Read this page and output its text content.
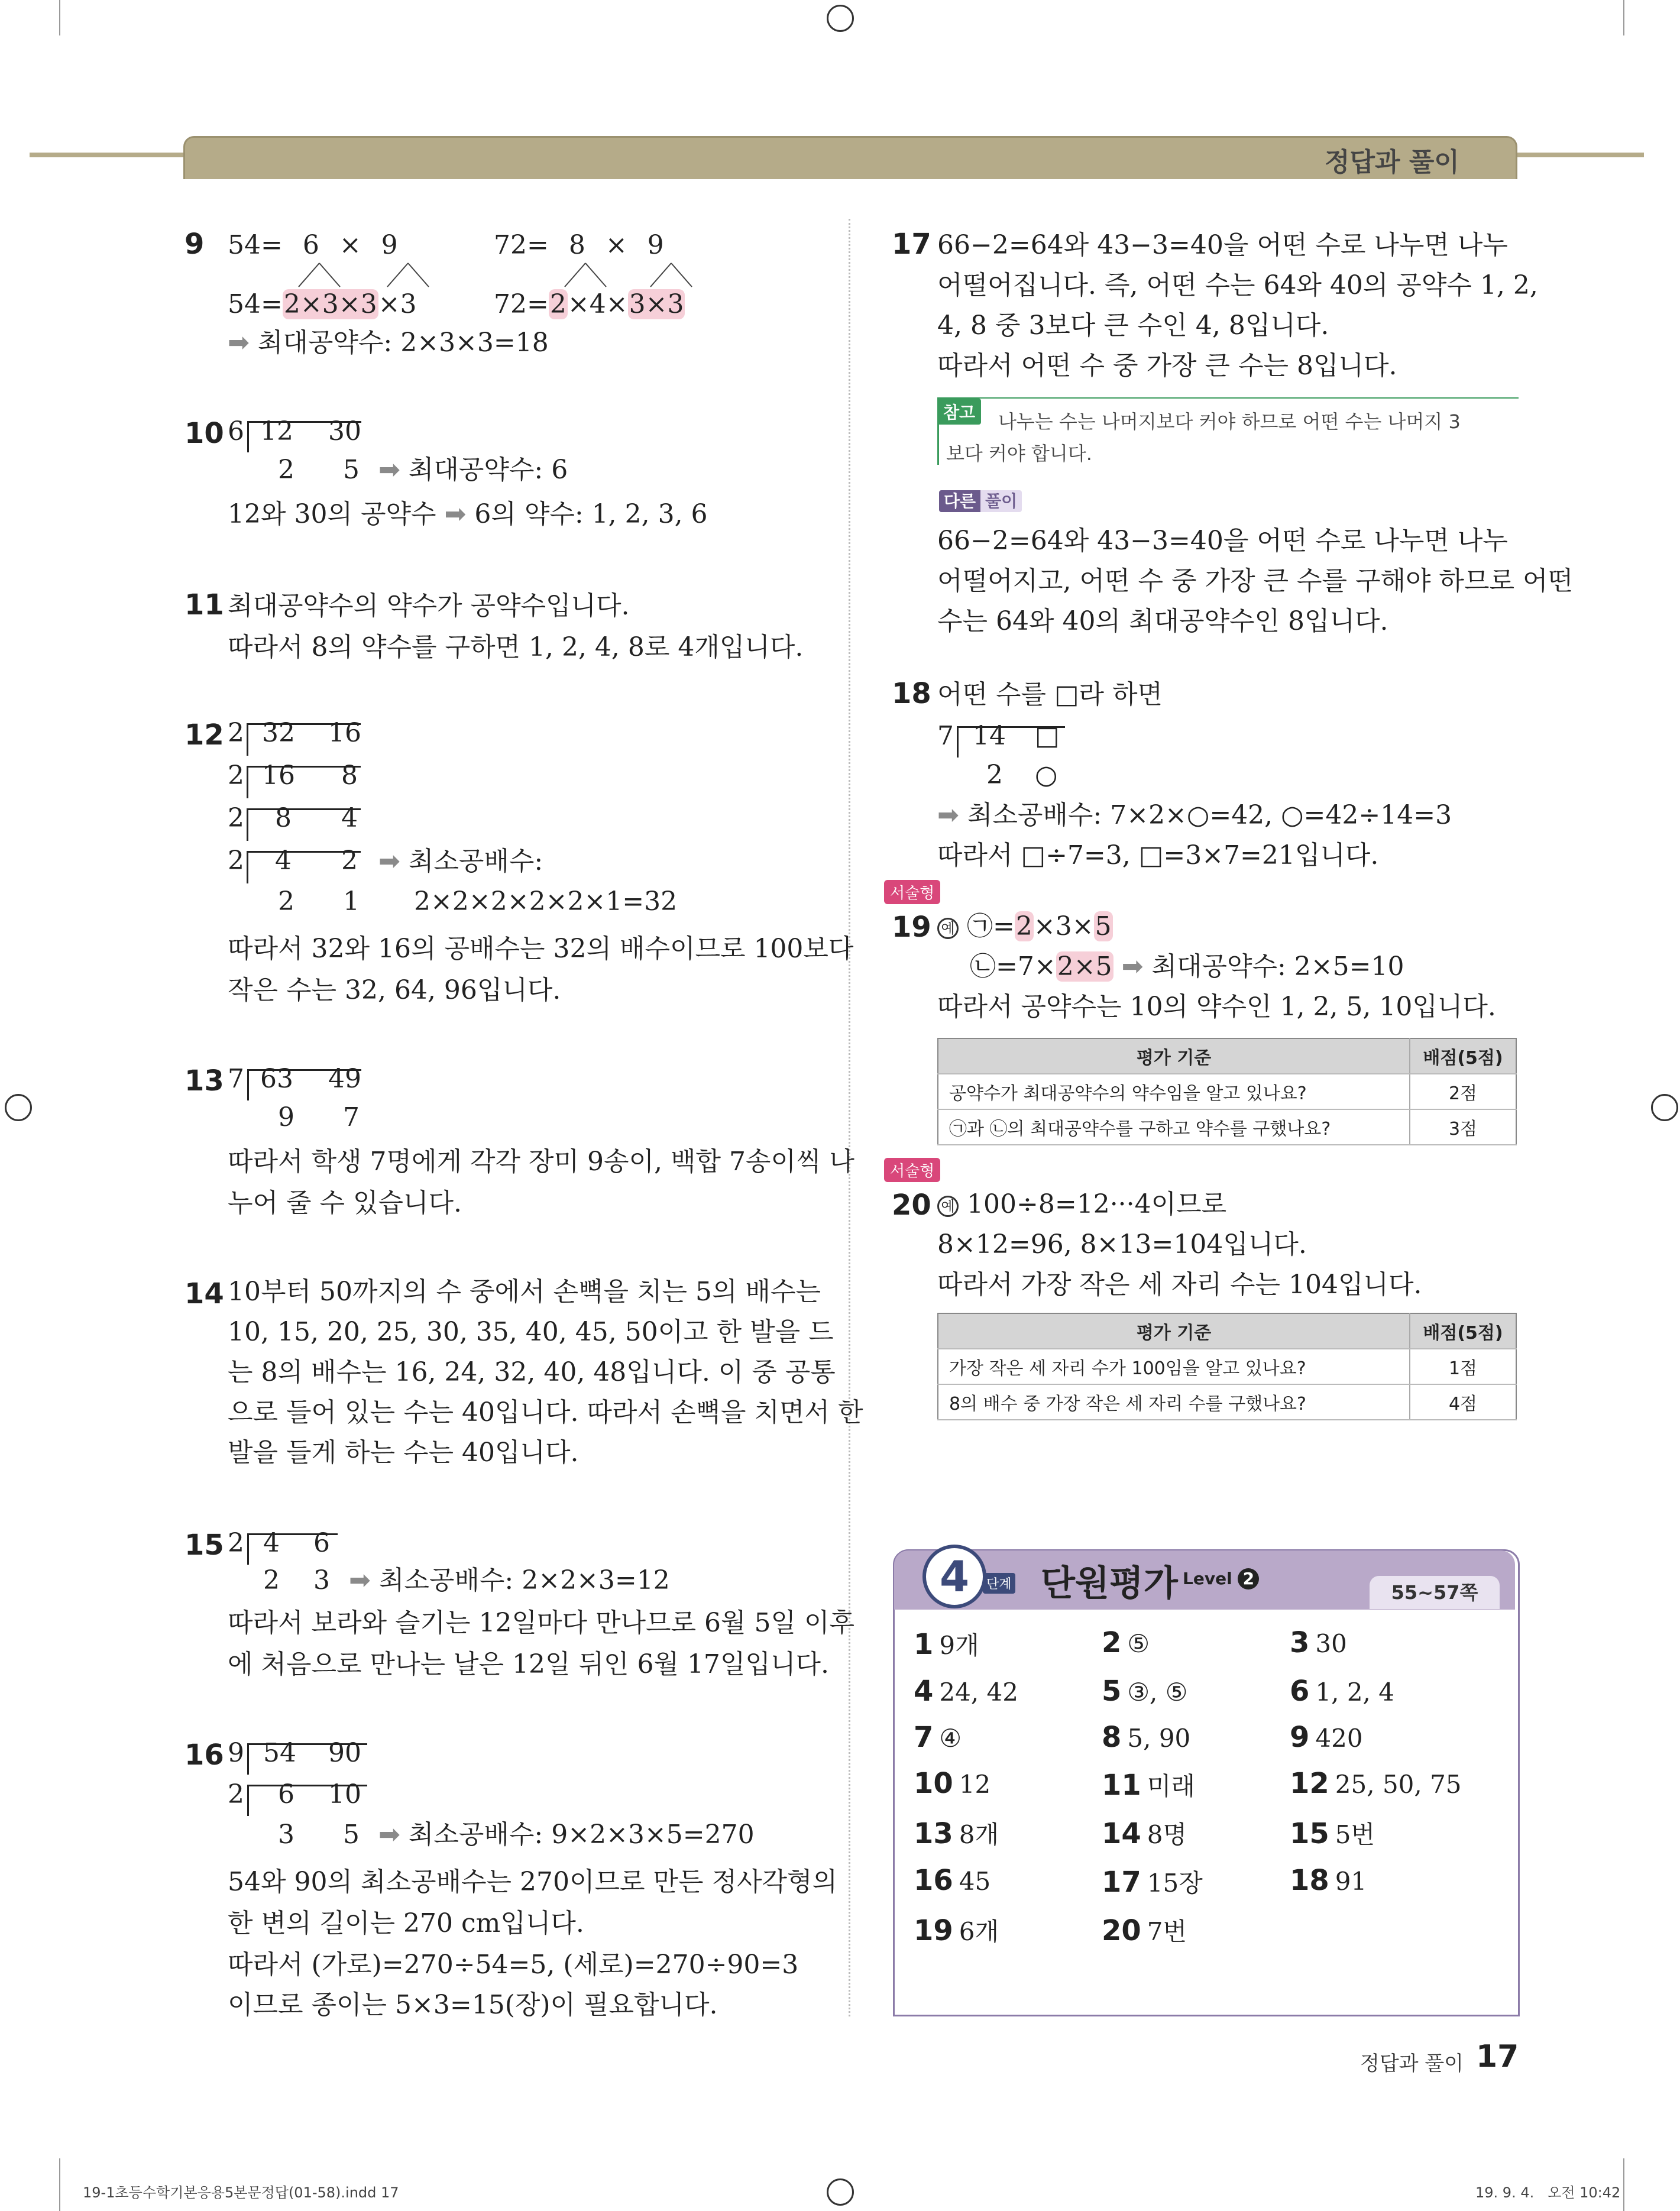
정답과 풀이
9 54= 6 × 9	72= 8 × 9
54=2×3×3×3	72=2×4×3×3
➡ 최대공약수: 2×3×3=18
10 6 12 30
2 5 ➡ 최대공약수: 6
12와 30의 공약수 ➡ 6의 약수: 1, 2, 3, 6
11 최대공약수의 약수가 공약수입니다.
따라서 8의 약수를 구하면 1, 2, 4, 8로 4개입니다.
12 2 32 16
2 16 8
2 8 4
2 4 2 ➡ 최소공배수:
2 1 2×2×2×2×2×1=32
따라서 32와 16의 공배수는 32의 배수이므로 100보다
작은 수는 32, 64, 96입니다.
13 7 63 49
9 7
따라서 학생 7명에게 각각 장미 9송이, 백합 7송이씩 나
누어 줄 수 있습니다.
14 10부터 50까지의 수 중에서 손뼉을 치는 5의 배수는
10, 15, 20, 25, 30, 35, 40, 45, 50이고 한 발을 드
는 8의 배수는 16, 24, 32, 40, 48입니다. 이 중 공통
으로 들어 있는 수는 40입니다. 따라서 손뼉을 치면서 한
발을 들게 하는 수는 40입니다.
15 2 4 6
2 3 ➡ 최소공배수: 2×2×3=12
따라서 보라와 슬기는 12일마다 만나므로 6월 5일 이후
에 처음으로 만나는 날은 12일 뒤인 6월 17일입니다.
16 9 54 90
2 6 10
3 5 ➡ 최소공배수: 9×2×3×5=270
54와 90의 최소공배수는 270이므로 만든 정사각형의
한 변의 길이는 270 cm입니다.
따라서 (가로)=270÷54=5, (세로)=270÷90=3
이므로 종이는 5×3=15(장)이 필요합니다.
17 66−2=64와 43−3=40을 어떤 수로 나누면 나누
어떨어집니다. 즉, 어떤 수는 64와 40의 공약수 1, 2,
4, 8 중 3보다 큰 수인 4, 8입니다.
따라서 어떤 수 중 가장 큰 수는 8입니다.
참고	나누는 수는 나머지보다 커야 하므로 어떤 수는 나머지 3
보다 커야 합니다.
다른 풀이
66−2=64와 43−3=40을 어떤 수로 나누면 나누
어떨어지고, 어떤 수 중 가장 큰 수를 구해야 하므로 어떤
수는 64와 40의 최대공약수인 8입니다.
18 어떤 수를 □라 하면
7 14 □
2 ○
➡ 최소공배수: 7×2×○=42, ○=42÷14=3
따라서 □÷7=3, □=3×7=21입니다.
서술형
19 예 ㉠=2×3×5
㉡=7×2×5 ➡ 최대공약수: 2×5=10
따라서 공약수는 10의 약수인 1, 2, 5, 10입니다.
평가 기준	배점(5점)
공약수가 최대공약수의 약수임을 알고 있나요?	2점
㉠과 ㉡의 최대공약수를 구하고 약수를 구했나요?	3점
서술형
20 예 100÷8=12···4이므로
8×12=96, 8×13=104입니다.
따라서 가장 작은 세 자리 수는 104입니다.
평가 기준	배점(5점)
가장 작은 세 자리 수가 100임을 알고 있나요?	1점
8의 배수 중 가장 작은 세 자리 수를 구했나요?	4점
4	단계 단원평가 Level 2
55~57쪽
1 9개	2 ⑤	3 30
4 24, 42	5 ③, ⑤	6 1, 2, 4
7 ④	8 5, 90	9 420
10 12	11 미래	12 25, 50, 75
13 8개	14 8명	15 5번
16 45	17 15장	18 91
19 6개	20 7번
정답과 풀이 17
19-1초등수학기본응용5본문정답(01-58).indd 17	19. 9. 4.   오전 10:42
